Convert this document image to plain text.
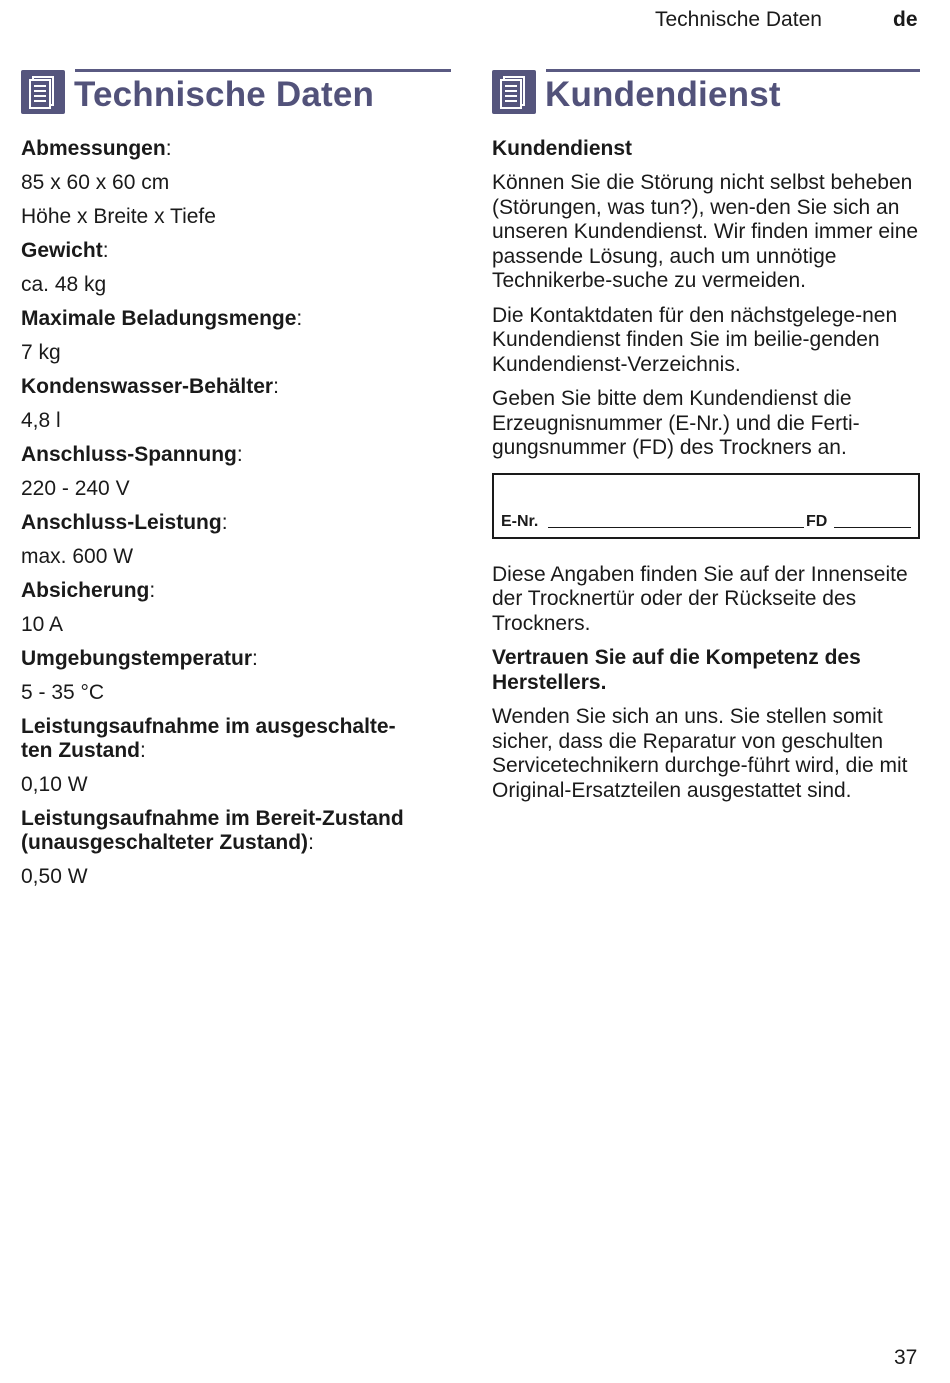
Technische Daten	de
Technische Daten
Abmessungen:
85 x 60 x 60 cm
Höhe x Breite x Tiefe
Gewicht:
ca. 48 kg
Maximale Beladungsmenge:
7 kg
Kondenswasser-Behälter:
4,8 l
Anschluss-Spannung:
220 - 240 V
Anschluss-Leistung:
max. 600 W
Absicherung:
10 A
Umgebungstemperatur:
5 - 35 °C
Leistungsaufnahme im ausgeschalte-
ten Zustand:
0,10 W
Leistungsaufnahme im Bereit-Zustand
(unausgeschalteter Zustand):
0,50 W
Kundendienst
Kundendienst

Können Sie die Störung nicht selbst beheben (Störungen, was tun?), wen-den Sie sich an unseren Kundendienst. Wir finden immer eine passende Lösung, auch um unnötige Technikerbe-suche zu vermeiden.

Die Kontaktdaten für den nächstgelege-nen Kundendienst finden Sie im beilie-genden Kundendienst-Verzeichnis.

Geben Sie bitte dem Kundendienst die Erzeugnisnummer (E-Nr.) und die Ferti-gungsnummer (FD) des Trockners an.

E-Nr.	FD

Diese Angaben finden Sie auf der Innenseite der Trocknertür oder der Rückseite des Trockners.

Vertrauen Sie auf die Kompetenz des Herstellers.

Wenden Sie sich an uns. Sie stellen somit sicher, dass die Reparatur von geschulten Servicetechnikern durchge-führt wird, die mit Original-Ersatzteilen ausgestattet sind.

37
